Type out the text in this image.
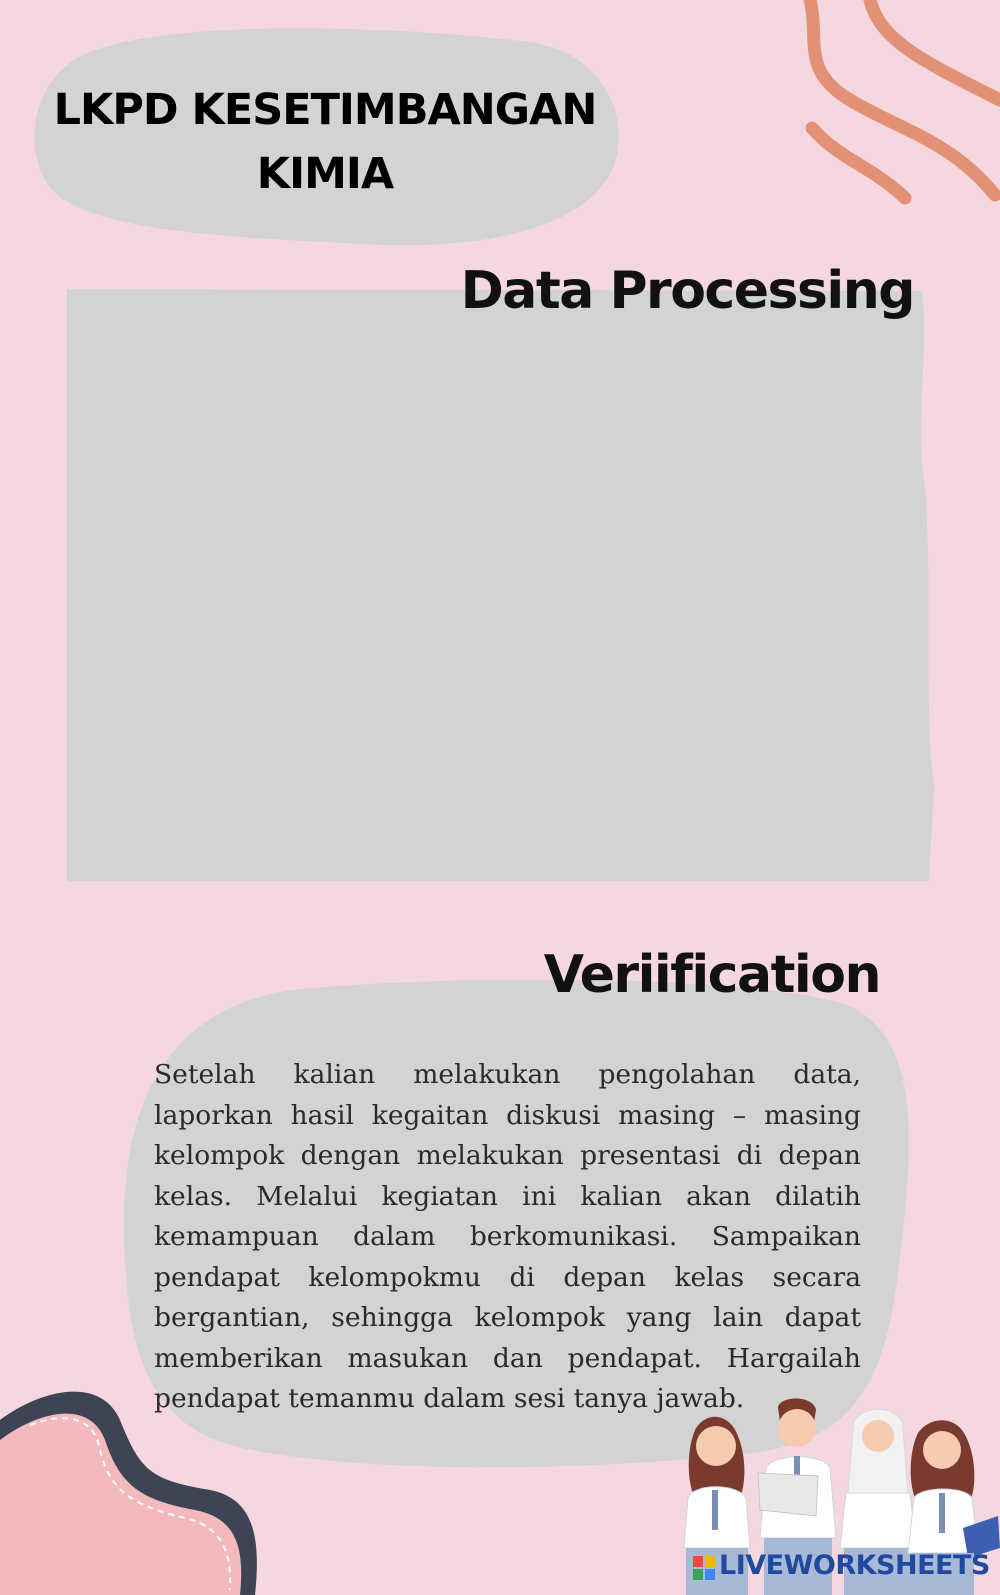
LKPD KESETIMBANGAN
KIMIA
Data Processing
Veriification
Setelah kalian melakukan pengolahan data, laporkan hasil kegaitan diskusi masing – masing kelompok dengan melakukan presentasi di depan kelas. Melalui kegiatan ini kalian akan dilatih kemampuan dalam berkomunikasi. Sampaikan pendapat kelompokmu di depan kelas secara bergantian, sehingga kelompok yang lain dapat memberikan masukan dan pendapat. Hargailah pendapat temanmu dalam sesi tanya jawab.
LIVEWORKSHEETS
